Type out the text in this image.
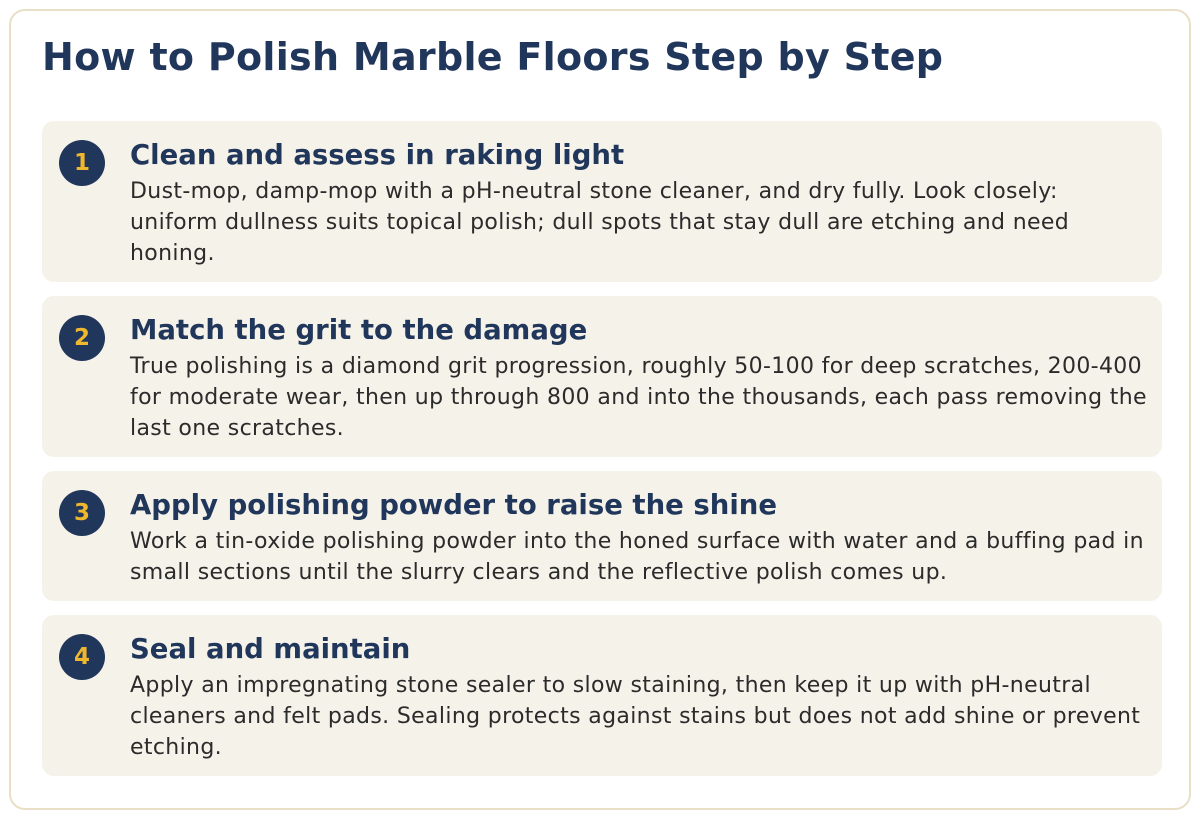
How to Polish Marble Floors Step by Step
1	Clean and assess in raking light
Dust-mop, damp-mop with a pH-neutral stone cleaner, and dry fully. Look closely: uniform dullness suits topical polish; dull spots that stay dull are etching and need honing.
2	Match the grit to the damage
True polishing is a diamond grit progression, roughly 50-100 for deep scratches, 200-400 for moderate wear, then up through 800 and into the thousands, each pass removing the last one scratches.
3	Apply polishing powder to raise the shine
Work a tin-oxide polishing powder into the honed surface with water and a buffing pad in small sections until the slurry clears and the reflective polish comes up.
4	Seal and maintain
Apply an impregnating stone sealer to slow staining, then keep it up with pH-neutral cleaners and felt pads. Sealing protects against stains but does not add shine or prevent etching.
